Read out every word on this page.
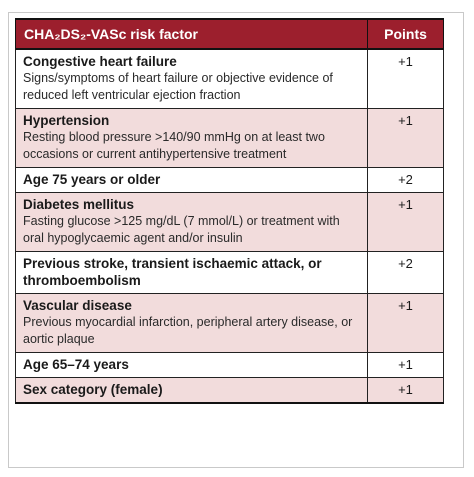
CHA₂DS₂-VASc risk factor	Points

Congestive heart failure
Signs/symptoms of heart failure or objective evidence of reduced left ventricular ejection fraction	+1

Hypertension
Resting blood pressure >140/90 mmHg on at least two occasions or current antihypertensive treatment	+1

Age 75 years or older	+2

Diabetes mellitus
Fasting glucose >125 mg/dL (7 mmol/L) or treatment with oral hypoglycaemic agent and/or insulin	+1

Previous stroke, transient ischaemic attack, or thromboembolism	+2

Vascular disease
Previous myocardial infarction, peripheral artery disease, or aortic plaque	+1

Age 65–74 years	+1

Sex category (female)	+1
